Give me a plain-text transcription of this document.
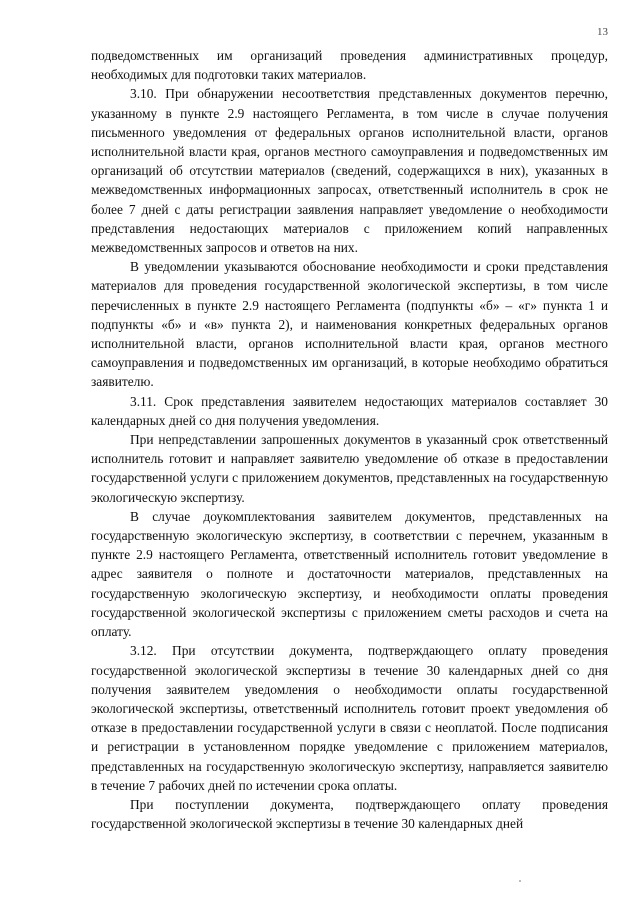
13

подведомственных им организаций проведения административных процедур, необходимых для подготовки таких материалов.

3.10. При обнаружении несоответствия представленных документов перечню, указанному в пункте 2.9 настоящего Регламента, в том числе в случае получения письменного уведомления от федеральных органов исполнительной власти, органов исполнительной власти края, органов местного самоуправления и подведомственных им организаций об отсутствии материалов (сведений, содержащихся в них), указанных в межведомственных информационных запросах, ответственный исполнитель в срок не более 7 дней с даты регистрации заявления направляет уведомление о необходимости представления недостающих материалов с приложением копий направленных межведомственных запросов и ответов на них.

В уведомлении указываются обоснование необходимости и сроки представления материалов для проведения государственной экологической экспертизы, в том числе перечисленных в пункте 2.9 настоящего Регламента (подпункты «б» – «г» пункта 1 и подпункты «б» и «в» пункта 2), и наименования конкретных федеральных органов исполнительной власти, органов исполнительной власти края, органов местного самоуправления и подведомственных им организаций, в которые необходимо обратиться заявителю.

3.11. Срок представления заявителем недостающих материалов составляет 30 календарных дней со дня получения уведомления.

При непредставлении запрошенных документов в указанный срок ответственный исполнитель готовит и направляет заявителю уведомление об отказе в предоставлении государственной услуги с приложением документов, представленных на государственную экологическую экспертизу.

В случае доукомплектования заявителем документов, представленных на государственную экологическую экспертизу, в соответствии с перечнем, указанным в пункте 2.9 настоящего Регламента, ответственный исполнитель готовит уведомление в адрес заявителя о полноте и достаточности материалов, представленных на государственную экологическую экспертизу, и необходимости оплаты проведения государственной экологической экспертизы с приложением сметы расходов и счета на оплату.

3.12. При отсутствии документа, подтверждающего оплату проведения государственной экологической экспертизы в течение 30 календарных дней со дня получения заявителем уведомления о необходимости оплаты государственной экологической экспертизы, ответственный исполнитель готовит проект уведомления об отказе в предоставлении государственной услуги в связи с неоплатой. После подписания и регистрации в установленном порядке уведомление с приложением материалов, представленных на государственную экологическую экспертизу, направляется заявителю в течение 7 рабочих дней по истечении срока оплаты.

При поступлении документа, подтверждающего оплату проведения государственной экологической экспертизы в течение 30 календарных дней
